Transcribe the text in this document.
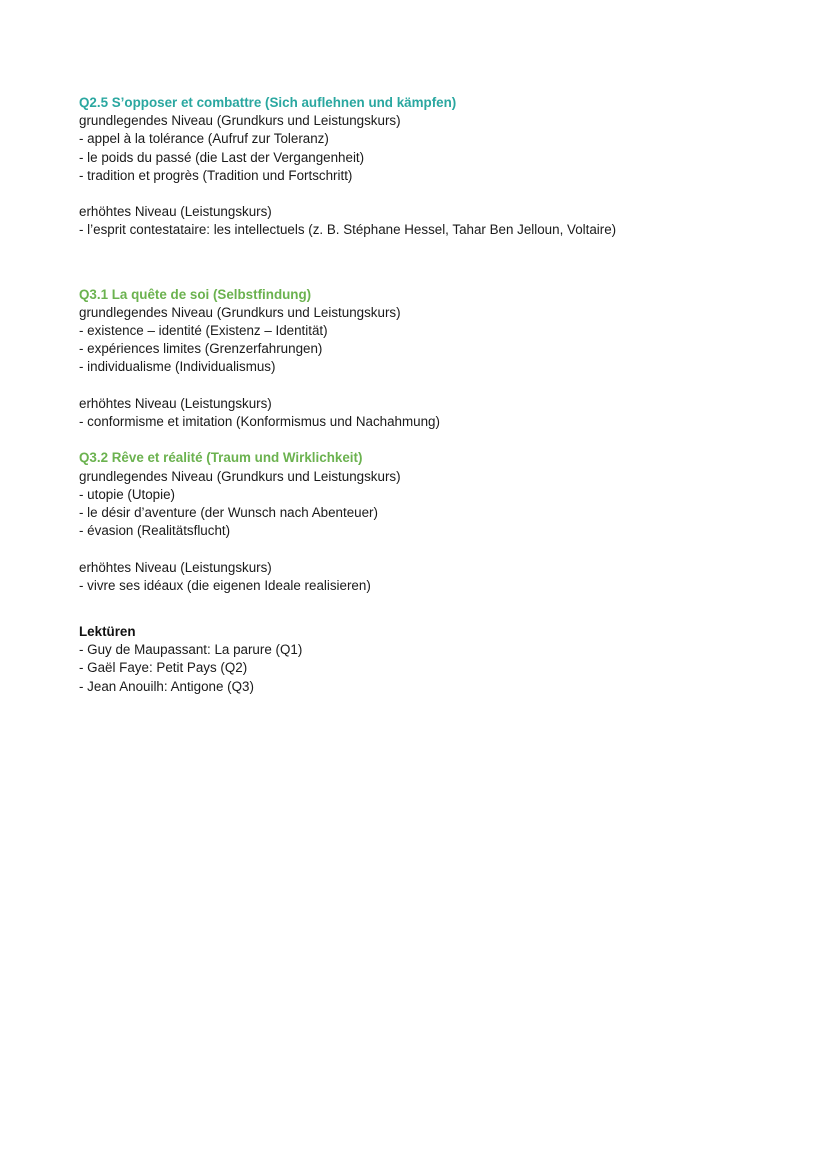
Q2.5 S’opposer et combattre (Sich auflehnen und kämpfen)
grundlegendes Niveau (Grundkurs und Leistungskurs)
- appel à la tolérance (Aufruf zur Toleranz)
- le poids du passé (die Last der Vergangenheit)
- tradition et progrès (Tradition und Fortschritt)
erhöhtes Niveau (Leistungskurs)
- l’esprit contestataire: les intellectuels (z. B. Stéphane Hessel, Tahar Ben Jelloun, Voltaire)
Q3.1 La quête de soi (Selbstfindung)
grundlegendes Niveau (Grundkurs und Leistungskurs)
- existence – identité (Existenz – Identität)
- expériences limites (Grenzerfahrungen)
- individualisme (Individualismus)
erhöhtes Niveau (Leistungskurs)
- conformisme et imitation (Konformismus und Nachahmung)
Q3.2 Rêve et réalité (Traum und Wirklichkeit)
grundlegendes Niveau (Grundkurs und Leistungskurs)
- utopie (Utopie)
- le désir d’aventure (der Wunsch nach Abenteuer)
- évasion (Realitätsflucht)
erhöhtes Niveau (Leistungskurs)
- vivre ses idéaux (die eigenen Ideale realisieren)
Lektüren
- Guy de Maupassant: La parure (Q1)
- Gaël Faye: Petit Pays (Q2)
- Jean Anouilh: Antigone (Q3)
